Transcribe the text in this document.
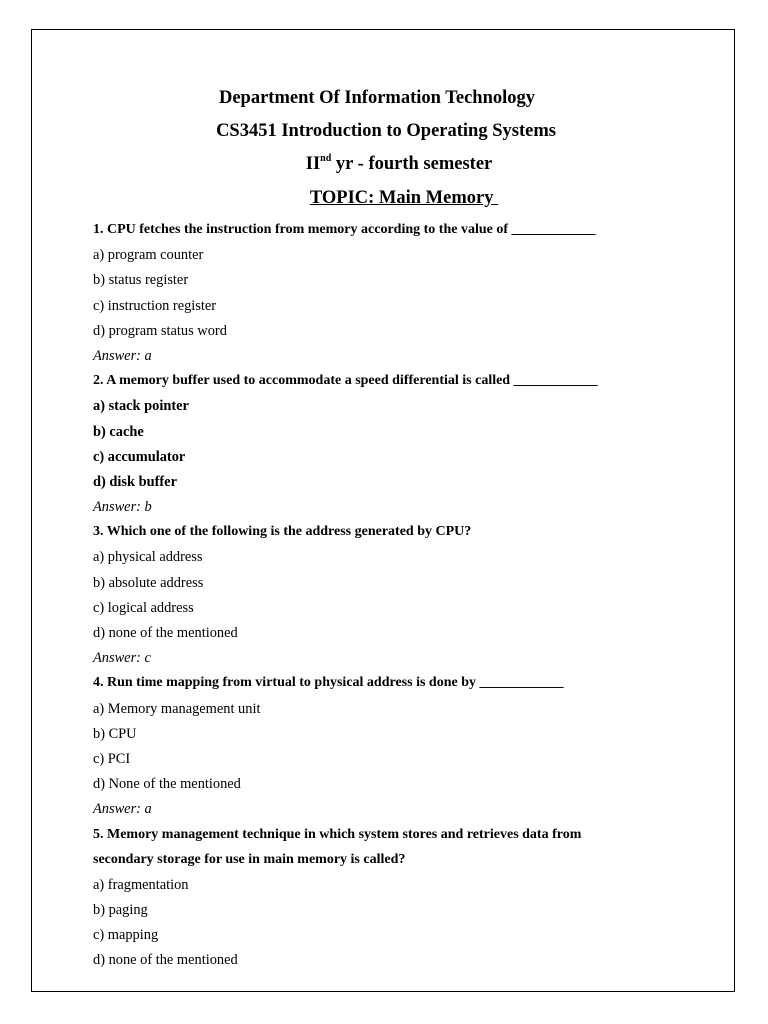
Department Of Information Technology
CS3451 Introduction to Operating Systems
IInd yr - fourth semester
TOPIC: Main Memory
1. CPU fetches the instruction from memory according to the value of ____________
a) program counter
b) status register
c) instruction register
d) program status word
Answer: a
2. A memory buffer used to accommodate a speed differential is called ____________
a) stack pointer
b) cache
c) accumulator
d) disk buffer
Answer: b
3. Which one of the following is the address generated by CPU?
a) physical address
b) absolute address
c) logical address
d) none of the mentioned
Answer: c
4. Run time mapping from virtual to physical address is done by ____________
a) Memory management unit
b) CPU
c) PCI
d) None of the mentioned
Answer: a
5. Memory management technique in which system stores and retrieves data from
secondary storage for use in main memory is called?
a) fragmentation
b) paging
c) mapping
d) none of the mentioned
